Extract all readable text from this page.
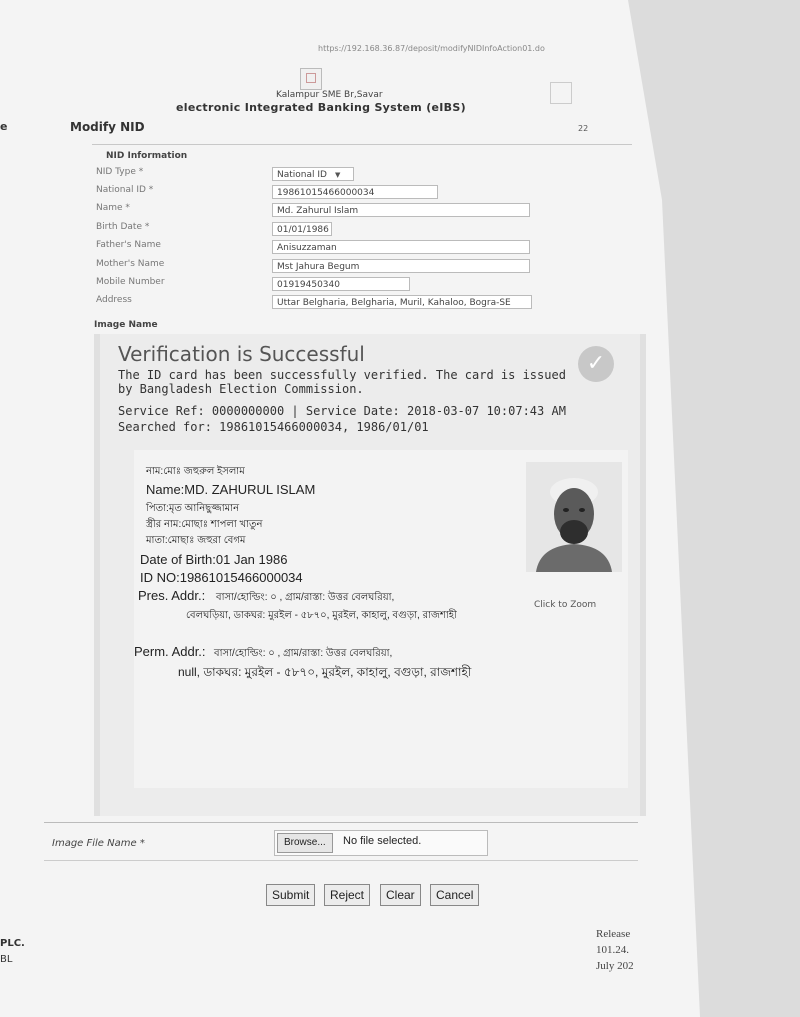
https://192.168.36.87/deposit/modifyNIDInfoAction01.do
Kalampur SME Br,Savar
electronic Integrated Banking System (eIBS)
e	Modify NID	22
NID Information
NID Type *	National ID ▼
National ID *	19861015466000034
Name *	Md. Zahurul Islam
Birth Date *	01/01/1986
Father's Name	Anisuzzaman
Mother's Name	Mst Jahura Begum
Mobile Number	01919450340
Address	Uttar Belgharia, Belgharia, Muril, Kahaloo, Bogra-SE
Image Name
Verification is Successful	✓
The ID card has been successfully verified. The card is issued
by Bangladesh Election Commission.
Service Ref: 0000000000 | Service Date: 2018-03-07 10:07:43 AM
Searched for: 19861015466000034, 1986/01/01
নাম:মোঃ জহুরুল ইসলাম
Name:MD. ZAHURUL ISLAM
পিতা:মৃত আনিছুজ্জামান
স্ত্রীর নাম:মোছাঃ শাপলা খাতুন
মাতা:মোছাঃ জহুরা বেগম
Date of Birth:01 Jan 1986
ID NO:19861015466000034
Pres. Addr.: বাসা/হোল্ডিং: ০ , গ্রাম/রাস্তা: উত্তর বেলঘরিয়া,
বেলঘড়িয়া, ডাকঘর: মুরইল - ৫৮৭০, মুরইল, কাহালু, বগুড়া, রাজশাহী
Perm. Addr.: বাসা/হোল্ডিং: ০ , গ্রাম/রাস্তা: উত্তর বেলঘরিয়া,
null, ডাকঘর: মুরইল - ৫৮৭০, মুরইল, কাহালু, বগুড়া, রাজশাহী
Click to Zoom
Image File Name *	Browse...	No file selected.
Submit	Reject	Clear	Cancel
PLC.
BL
Release
101.24.
July 202
